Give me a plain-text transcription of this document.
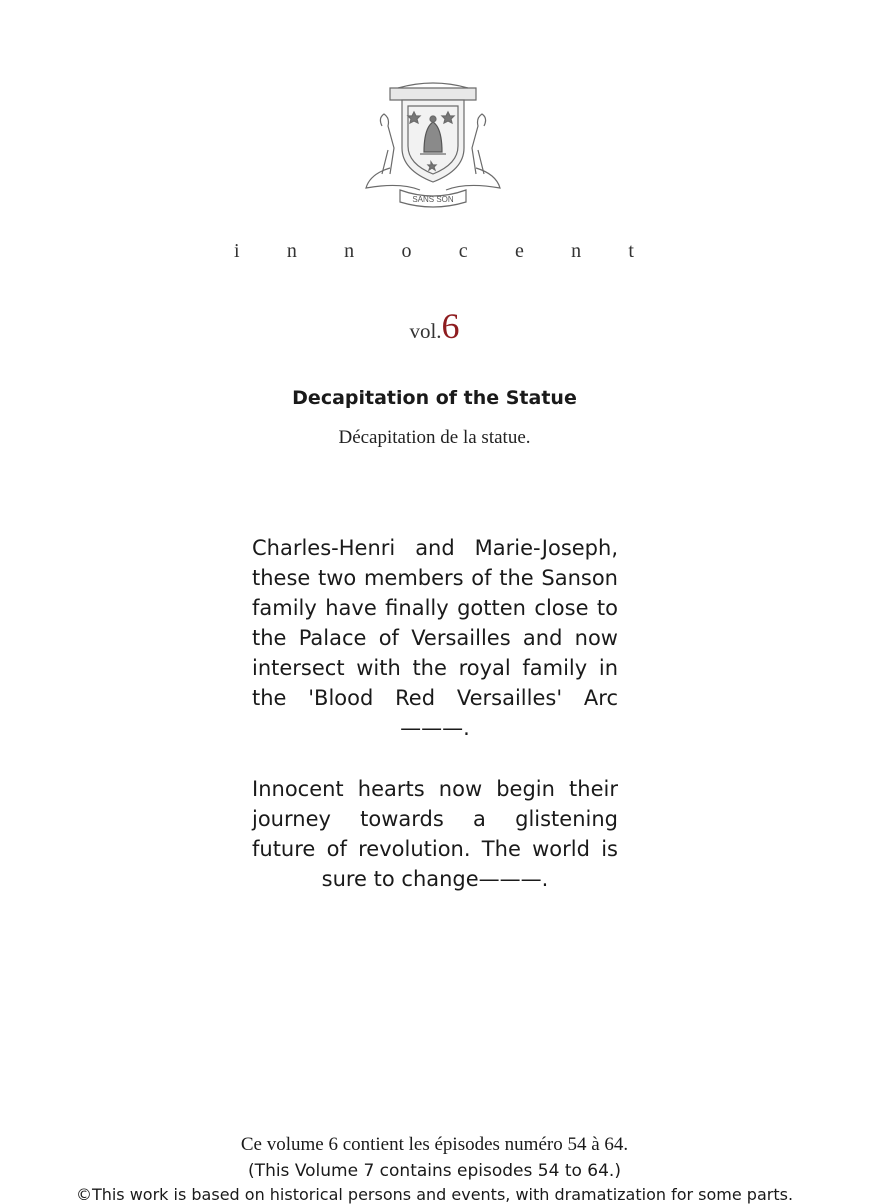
SANS SON
i n n o c e n t
vol.6
Decapitation of the Statue
Décapitation de la statue.
Charles-Henri and Marie-Joseph, these two members of the Sanson family have finally gotten close to the Palace of Versailles and now intersect with the royal family in the 'Blood Red Versailles' Arc———.
Innocent hearts now begin their journey towards a glistening future of revolution. The world is sure to change———.
Ce volume 6 contient les épisodes numéro 54 à 64.
(This Volume 7 contains episodes 54 to 64.)
©This work is based on historical persons and events, with dramatization for some parts.
